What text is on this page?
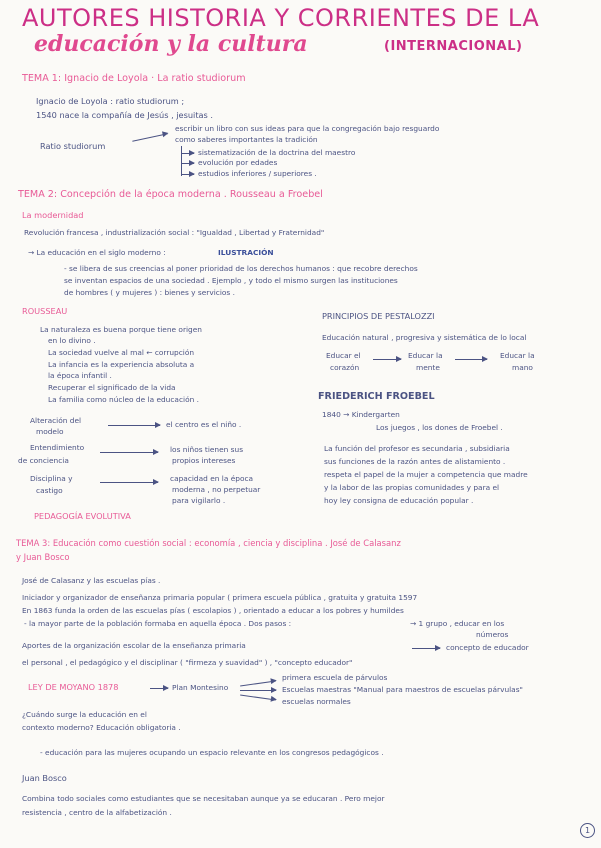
AUTORES HISTORIA Y CORRIENTES DE LA
educación y la cultura	(INTERNACIONAL)
TEMA 1: Ignacio de Loyola · La ratio studiorum
Ignacio de Loyola : ratio studiorum ;
1540 nace la compañía de Jesús , jesuitas .
Ratio studiorum
escribir un libro con sus ideas para que la congregación bajo resguardo
como saberes importantes la tradición
sistematización de la doctrina del maestro
evolución por edades
estudios inferiores / superiores .
TEMA 2: Concepción de la época moderna . Rousseau a Froebel
La modernidad
Revolución francesa , industrialización social : "Igualdad , Libertad y Fraternidad"
→ La educación en el siglo moderno :	ILUSTRACIÓN
- se libera de sus creencias al poner prioridad de los derechos humanos : que recobre derechos
se inventan espacios de una sociedad . Ejemplo , y todo el mismo surgen las instituciones
de hombres ( y mujeres ) : bienes y servicios .
ROUSSEAU
La naturaleza es buena porque tiene origen
en lo divino .
La sociedad vuelve al mal ← corrupción
La infancia es la experiencia absoluta a
la época infantil .
Recuperar el significado de la vida
La familia como núcleo de la educación .
Alteración del
modelo
el centro es el niño .
Entendimiento
de conciencia
los niños tienen sus
propios intereses
Disciplina y
castigo
capacidad en la época
moderna , no perpetuar
para vigilarlo .
PEDAGOGÍA EVOLUTIVA
PRINCIPIOS DE PESTALOZZI
Educación natural , progresiva y sistemática de lo local
Educar el
corazón
Educar la
mente
Educar la
mano
FRIEDERICH FROEBEL
1840 → Kindergarten
Los juegos , los dones de Froebel .
La función del profesor es secundaria , subsidiaria
sus funciones de la razón antes de alistamiento .
respeta el papel de la mujer a competencia que madre
y la labor de las propias comunidades y para el
hoy ley consigna de educación popular .
TEMA 3: Educación como cuestión social : economía , ciencia y disciplina . José de Calasanz
y Juan Bosco
José de Calasanz y las escuelas pías .
Iniciador y organizador de enseñanza primaria popular ( primera escuela pública , gratuita y gratuita 1597
En 1863 funda la orden de las escuelas pías ( escolapios ) , orientado a educar a los pobres y humildes
- la mayor parte de la población formaba en aquella época . Dos pasos :	→ 1 grupo , educar en los
números
Aportes de la organización escolar de la enseñanza primaria	concepto de educador
el personal , el pedagógico y el disciplinar ( "firmeza y suavidad" ) , "concepto educador"
LEY DE MOYANO 1878	Plan Montesino
primera escuela de párvulos
Escuelas maestras "Manual para maestros de escuelas párvulas"
escuelas normales
¿Cuándo surge la educación en el
contexto moderno? Educación obligatoria .
- educación para las mujeres ocupando un espacio relevante en los congresos pedagógicos .
Juan Bosco
Combina todo sociales como estudiantes que se necesitaban aunque ya se educaran . Pero mejor
resistencia , centro de la alfabetización .
1
